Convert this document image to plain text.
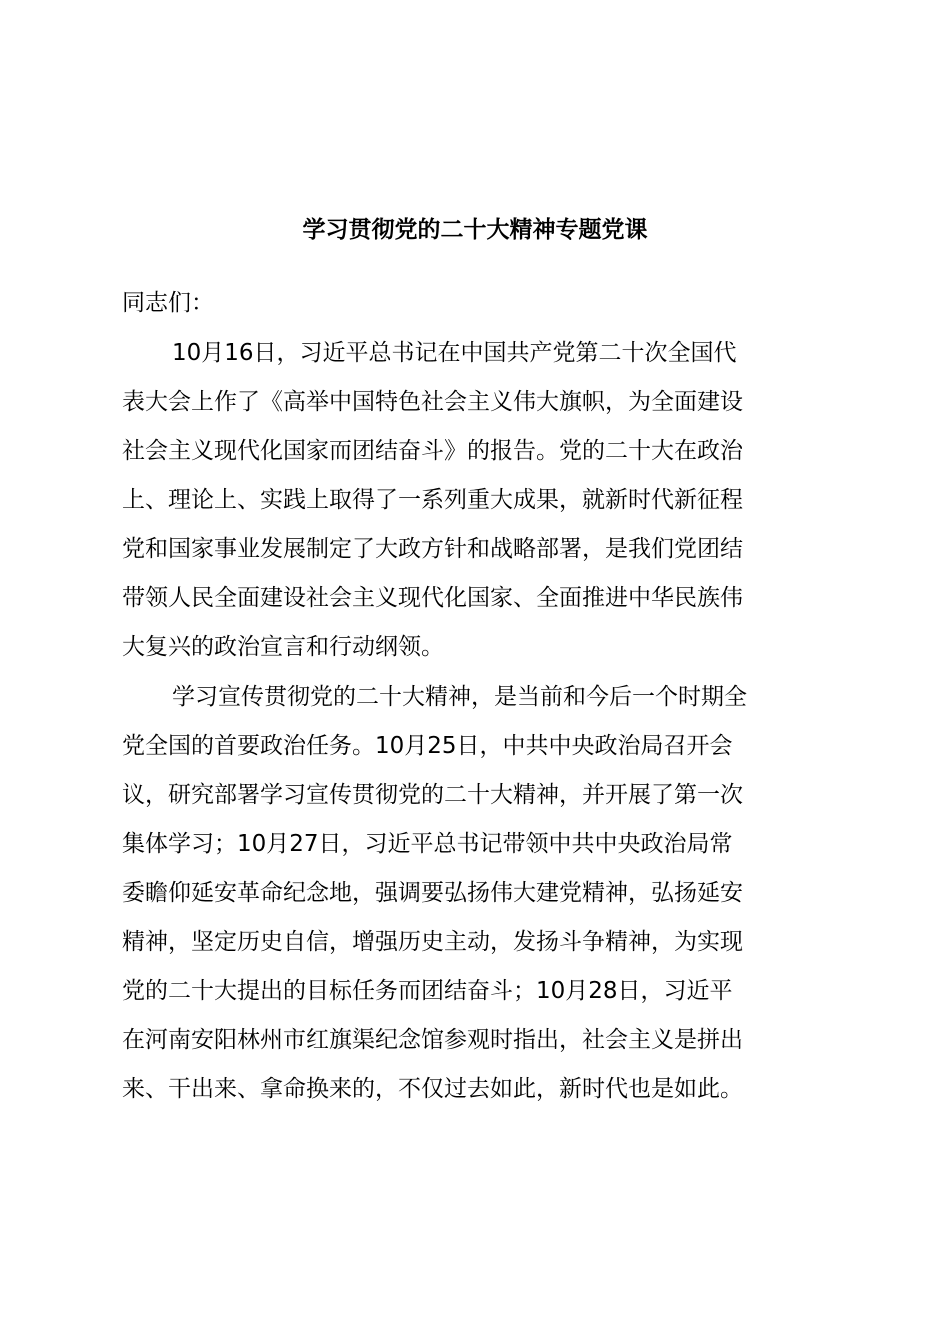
学习贯彻党的二十大精神专题党课
同志们：
10月16日，习近平总书记在中国共产党第二十次全国代
表大会上作了《高举中国特色社会主义伟大旗帜，为全面建设
社会主义现代化国家而团结奋斗》的报告。党的二十大在政治
上、理论上、实践上取得了一系列重大成果，就新时代新征程
党和国家事业发展制定了大政方针和战略部署，是我们党团结
带领人民全面建设社会主义现代化国家、全面推进中华民族伟
大复兴的政治宣言和行动纲领。
学习宣传贯彻党的二十大精神，是当前和今后一个时期全
党全国的首要政治任务。10月25日，中共中央政治局召开会
议，研究部署学习宣传贯彻党的二十大精神，并开展了第一次
集体学习；10月27日，习近平总书记带领中共中央政治局常
委瞻仰延安革命纪念地，强调要弘扬伟大建党精神，弘扬延安
精神，坚定历史自信，增强历史主动，发扬斗争精神，为实现
党的二十大提出的目标任务而团结奋斗；10月28日，习近平
在河南安阳林州市红旗渠纪念馆参观时指出，社会主义是拼出
来、干出来、拿命换来的，不仅过去如此，新时代也是如此。
